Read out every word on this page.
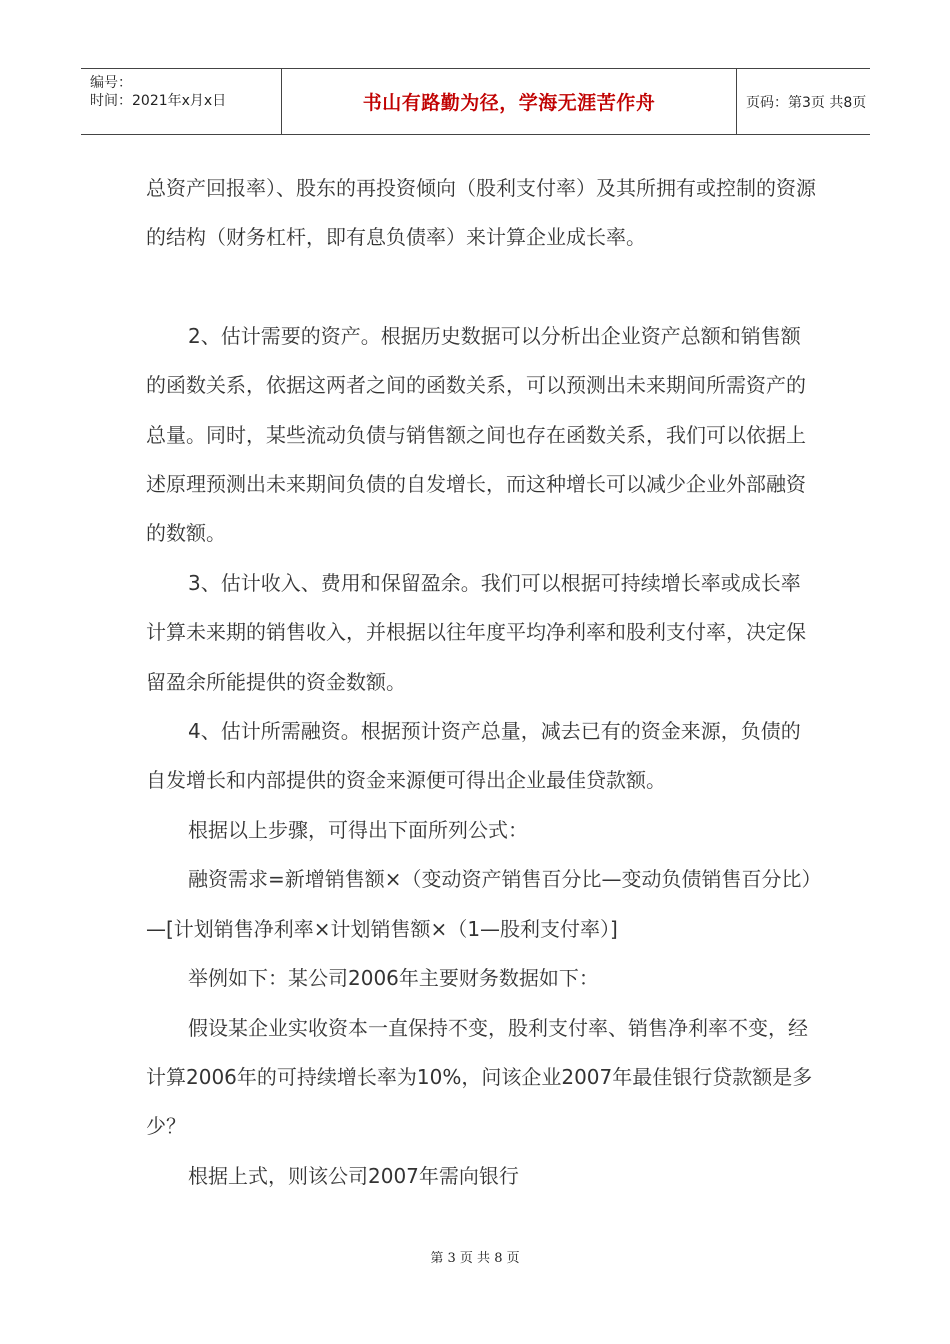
编号：
时间：2021年x月x日	书山有路勤为径，学海无涯苦作舟	页码：第3页 共8页

总资产回报率）、股东的再投资倾向（股利支付率）及其所拥有或控制的资源的结构（财务杠杆，即有息负债率）来计算企业成长率。

2、估计需要的资产。根据历史数据可以分析出企业资产总额和销售额的函数关系，依据这两者之间的函数关系，可以预测出未来期间所需资产的总量。同时，某些流动负债与销售额之间也存在函数关系，我们可以依据上述原理预测出未来期间负债的自发增长，而这种增长可以减少企业外部融资的数额。

3、估计收入、费用和保留盈余。我们可以根据可持续增长率或成长率计算未来期的销售收入，并根据以往年度平均净利率和股利支付率，决定保留盈余所能提供的资金数额。

4、估计所需融资。根据预计资产总量，减去已有的资金来源，负债的自发增长和内部提供的资金来源便可得出企业最佳贷款额。

根据以上步骤，可得出下面所列公式：

融资需求=新增销售额×（变动资产销售百分比—变动负债销售百分比）—[计划销售净利率×计划销售额×（1—股利支付率）]

举例如下：某公司2006年主要财务数据如下：

假设某企业实收资本一直保持不变，股利支付率、销售净利率不变，经计算2006年的可持续增长率为10%，问该企业2007年最佳银行贷款额是多少？

根据上式，则该公司2007年需向银行

第 3 页 共 8 页
